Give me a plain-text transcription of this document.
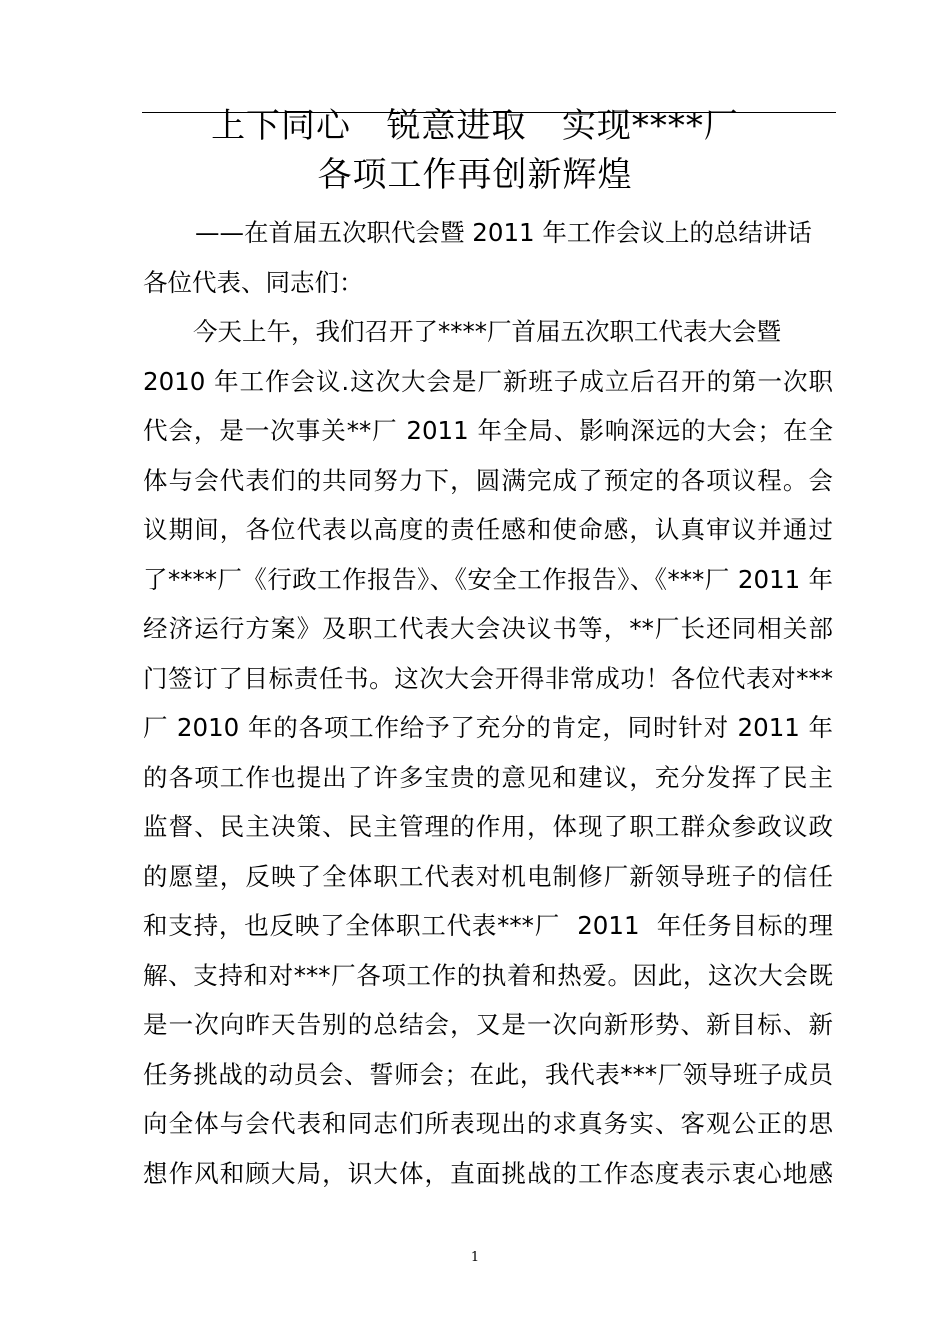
上下同心   锐意进取   实现****厂
各项工作再创新辉煌
——在首届五次职代会暨 2011 年工作会议上的总结讲话
各位代表、同志们：
今天上午，我们召开了****厂首届五次职工代表大会暨
2010 年工作会议.这次大会是厂新班子成立后召开的第一次职
代会，是一次事关**厂 2011 年全局、影响深远的大会；在全
体与会代表们的共同努力下，圆满完成了预定的各项议程。会
议期间，各位代表以高度的责任感和使命感，认真审议并通过
了****厂《行政工作报告》、《安全工作报告》、《***厂 2011 年
经济运行方案》及职工代表大会决议书等，**厂长还同相关部
门签订了目标责任书。这次大会开得非常成功！各位代表对***
厂 2010 年的各项工作给予了充分的肯定，同时针对 2011 年
的各项工作也提出了许多宝贵的意见和建议，充分发挥了民主
监督、民主决策、民主管理的作用，体现了职工群众参政议政
的愿望，反映了全体职工代表对机电制修厂新领导班子的信任
和支持，也反映了全体职工代表***厂  2011  年任务目标的理
解、支持和对***厂各项工作的执着和热爱。因此，这次大会既
是一次向昨天告别的总结会，又是一次向新形势、新目标、新
任务挑战的动员会、誓师会；在此，我代表***厂领导班子成员
向全体与会代表和同志们所表现出的求真务实、客观公正的思
想作风和顾大局，识大体，直面挑战的工作态度表示衷心地感
1
